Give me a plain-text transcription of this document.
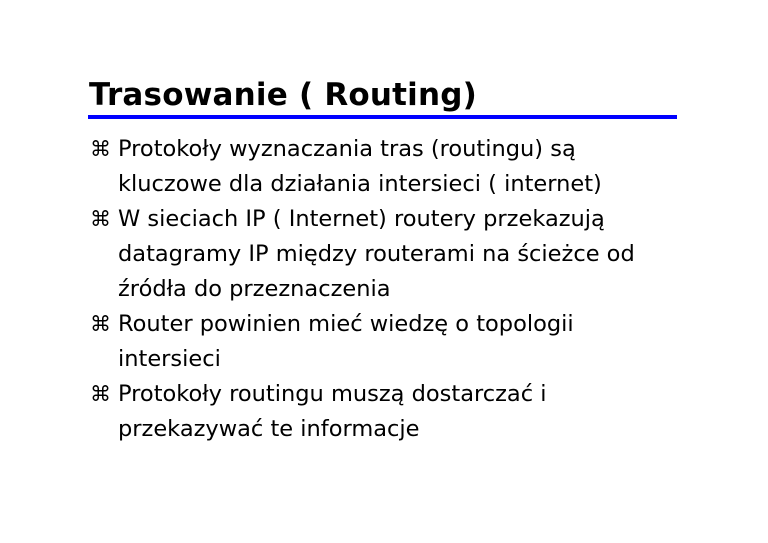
Trasowanie ( Routing)
⌘ Protokoły wyznaczania tras (routingu) są
kluczowe dla działania intersieci ( internet)
⌘ W sieciach IP ( Internet) routery przekazują
datagramy IP między routerami na ścieżce od
źródła do przeznaczenia
⌘ Router powinien mieć wiedzę o topologii
intersieci
⌘ Protokoły routingu muszą dostarczać i
przekazywać te informacje
